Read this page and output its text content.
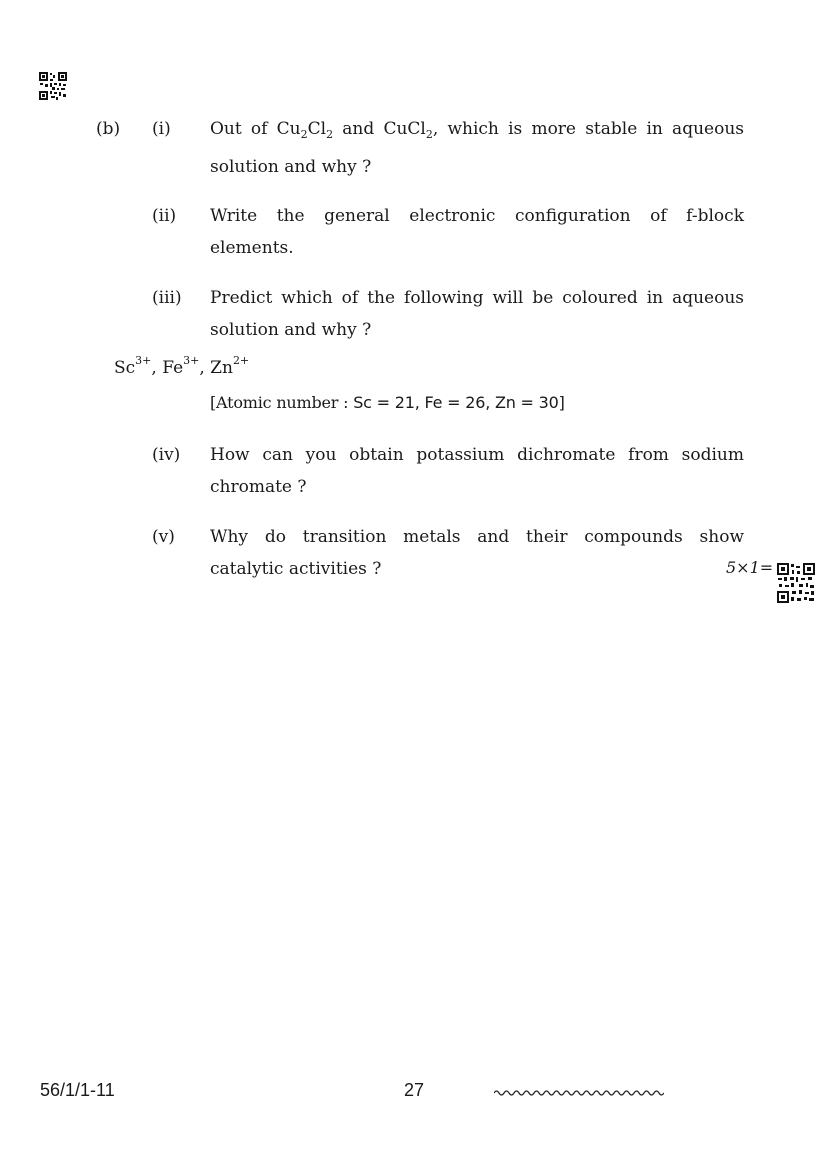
(b) (i) Out of $Cu_2Cl_2$ and CuCl$_2$, which is more stable in aqueous
solution and why ?
(ii) Write the general electronic configuration of f-block
elements.
(iii) Predict which of the following will be coloured in aqueous
solution and why ?
$Sc^{3+}$, $Fe^{3+}$, $Zn^{2+}$
[Atomic number : Sc = 21, Fe = 26, Zn = 30]
(iv) How can you obtain potassium dichromate from sodium
chromate ?
(v) Why do transition metals and their compounds show
catalytic activities ?	5×1=
56/1/1-11	27
